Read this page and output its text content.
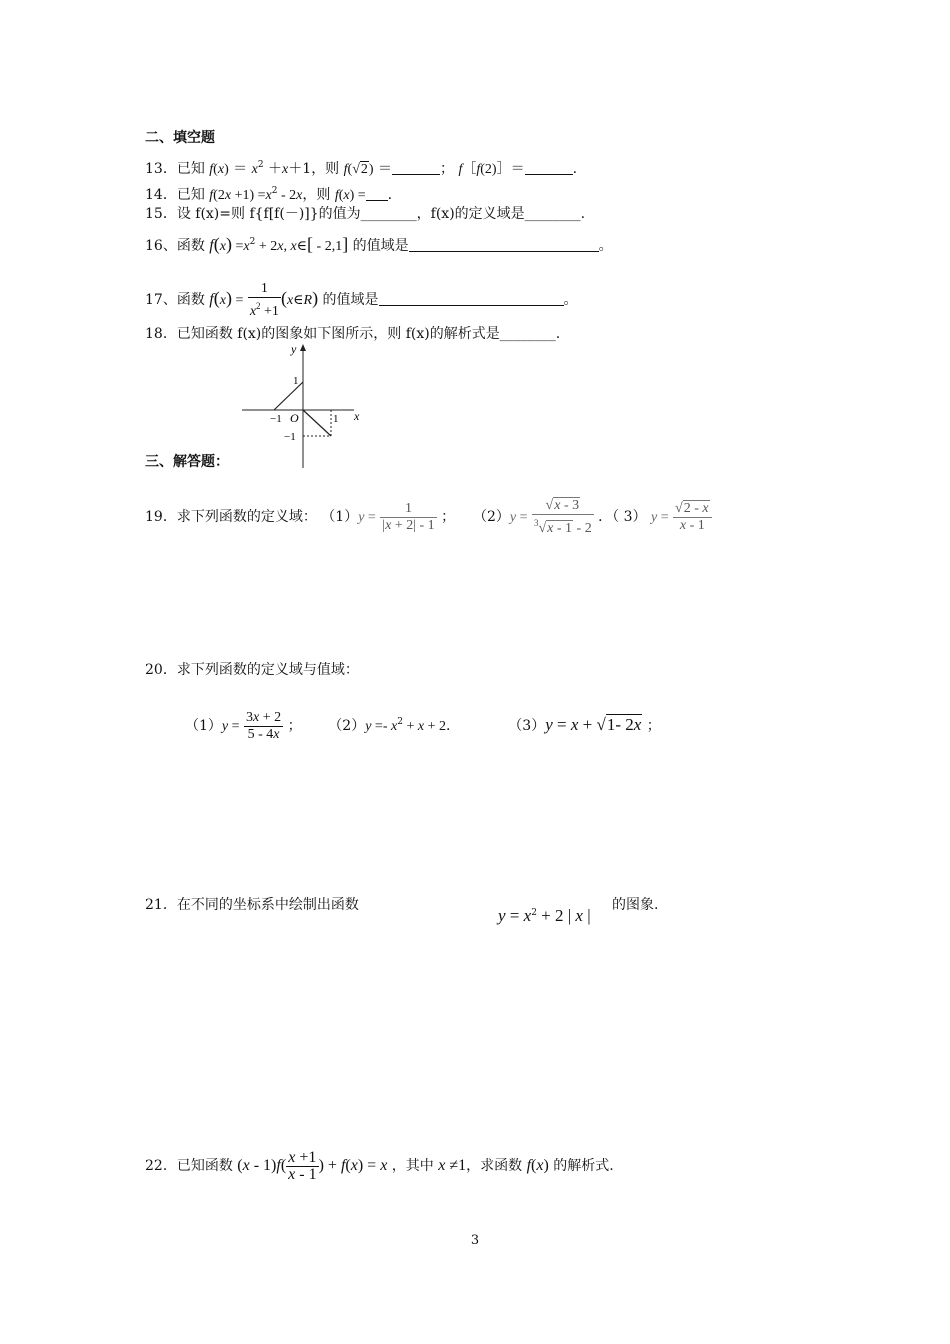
二、填空题
13．已知 $f(x) = x^2 +x+1$，则 f(√2) ＝	； f［f(2)］＝	.
14．已知 $f(2x +1) =x^2 - 2x$，则 f(x) = .
15．设 f(x)=则 f{f[f(－)]}的值为________，f(x)的定义域是________.
16、函数 $f(x) =x^2 + 2x$, x∈[ - 2,1] 的值域是	。
17、函数 $f(x) = \frac{1}{x^2 +1}$ (x∈R) 的值域是	。
18．已知函数 f(x)的图象如下图所示，则 f(x)的解析式是________.
y
x
O
1
−1
−1	1
三、解答题：
19．求下列函数的定义域： $(1)y = \frac{1}{|x + 2| - 1}$ ； $(2)y = \frac{√x - 3}{^3√x - 1 - 2}$ ．（ 3） $y = \frac{√2 - x}{x - 1}$
20．求下列函数的定义域与值域：
$(1)y = \frac{3x + 2}{5 - 4x}$ ； $(2)y =- x^2 + x + 2$.	（3）y = x + √1- 2x ；
21．在不同的坐标系中绘制出函数
$y = x^2 + 2$ | x |
的图象.
22．已知函数 $(x - 1)f( \frac{x +1}{x - 1}$ ) + f(x) = x ，其中 x ≠1，求函数 f(x) 的解析式.
3
